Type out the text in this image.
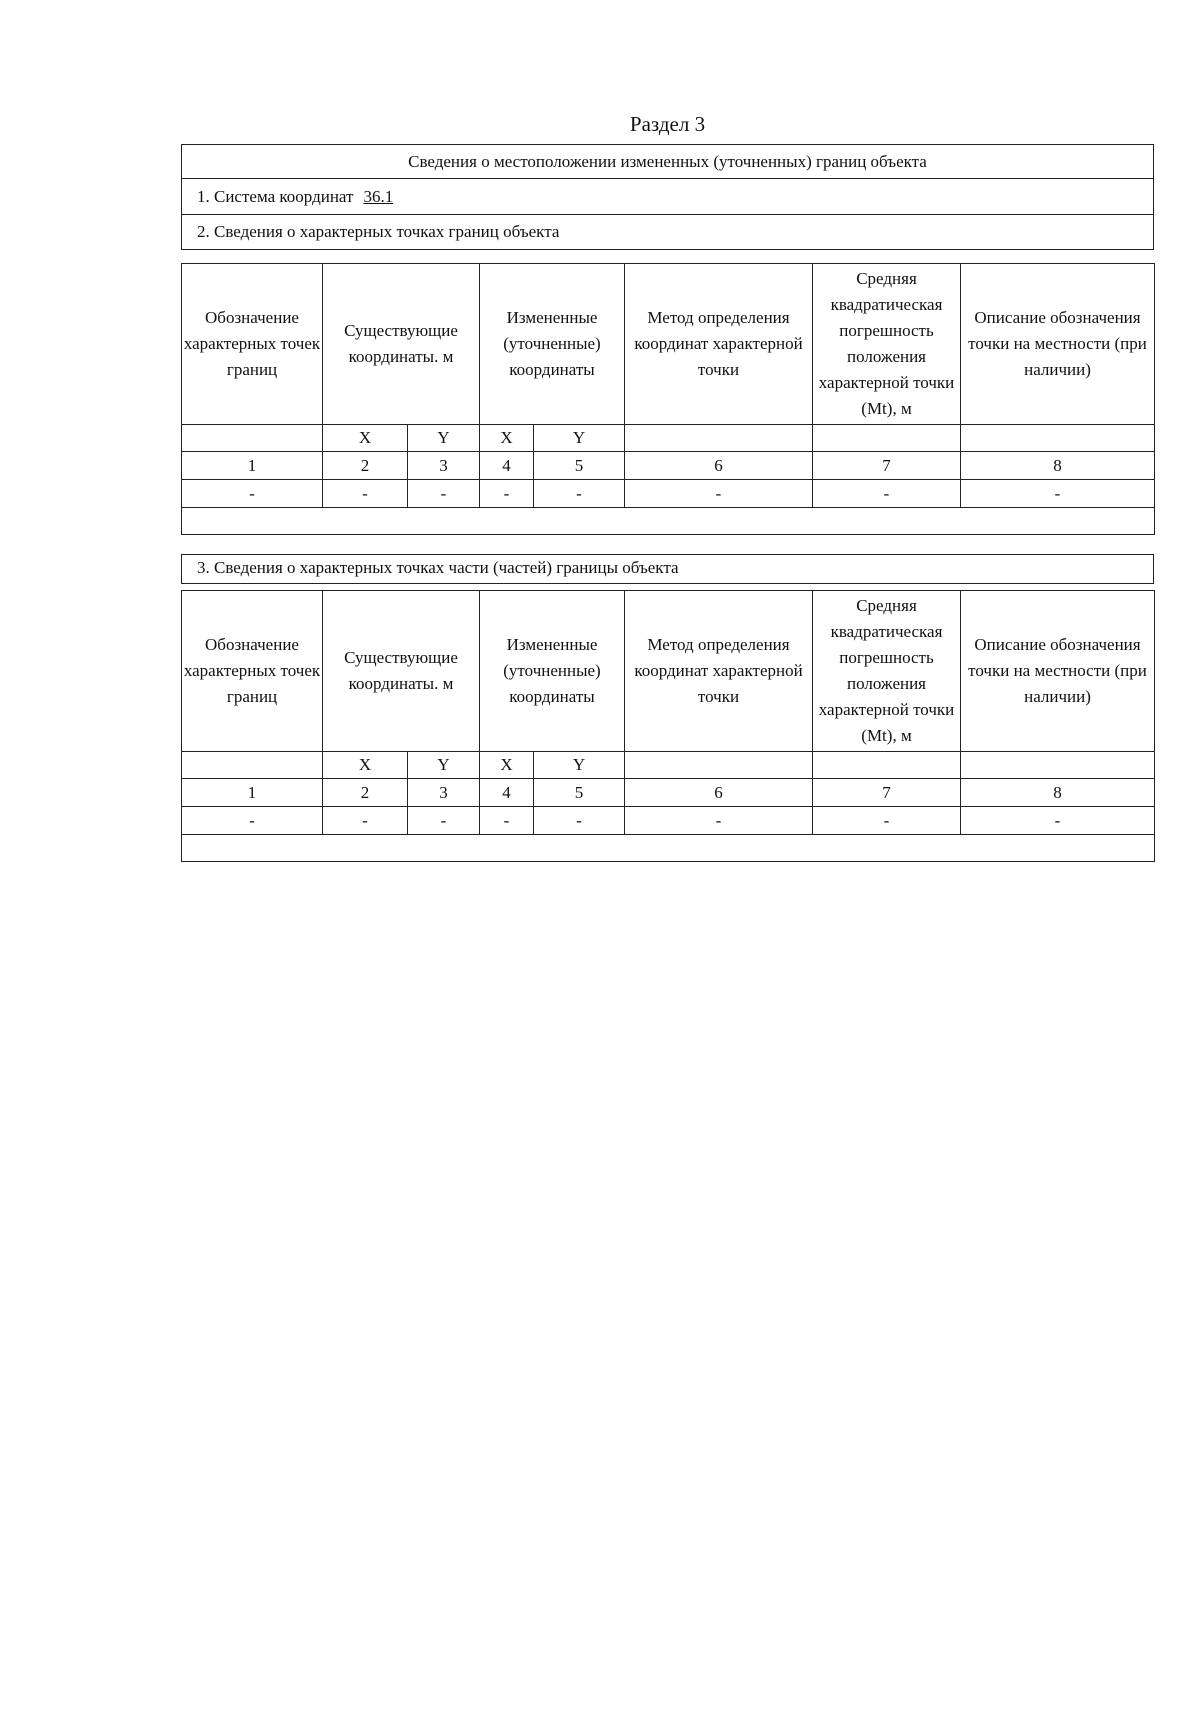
Раздел 3
Сведения о местоположении измененных (уточненных) границ объекта
1. Система координат 36.1
2. Сведения о характерных точках границ объекта
Обозначение характерных точек границ	Существующие координаты. м		Измененные (уточненные) координаты		Метод определения координат характерной точки	Средняя квадратическая погрешность положения характерной точки (Mt), м	Описание обозначения точки на местности (при наличии)
	X	Y	X	Y			
1	2	3	4	5	6	7	8
-	-	-	-	-	-	-	-

3. Сведения о характерных точках части (частей) границы объекта
Обозначение характерных точек границ	Существующие координаты. м		Измененные (уточненные) координаты		Метод определения координат характерной точки	Средняя квадратическая погрешность положения характерной точки (Mt), м	Описание обозначения точки на местности (при наличии)
	X	Y	X	Y			
1	2	3	4	5	6	7	8
-	-	-	-	-	-	-	-
